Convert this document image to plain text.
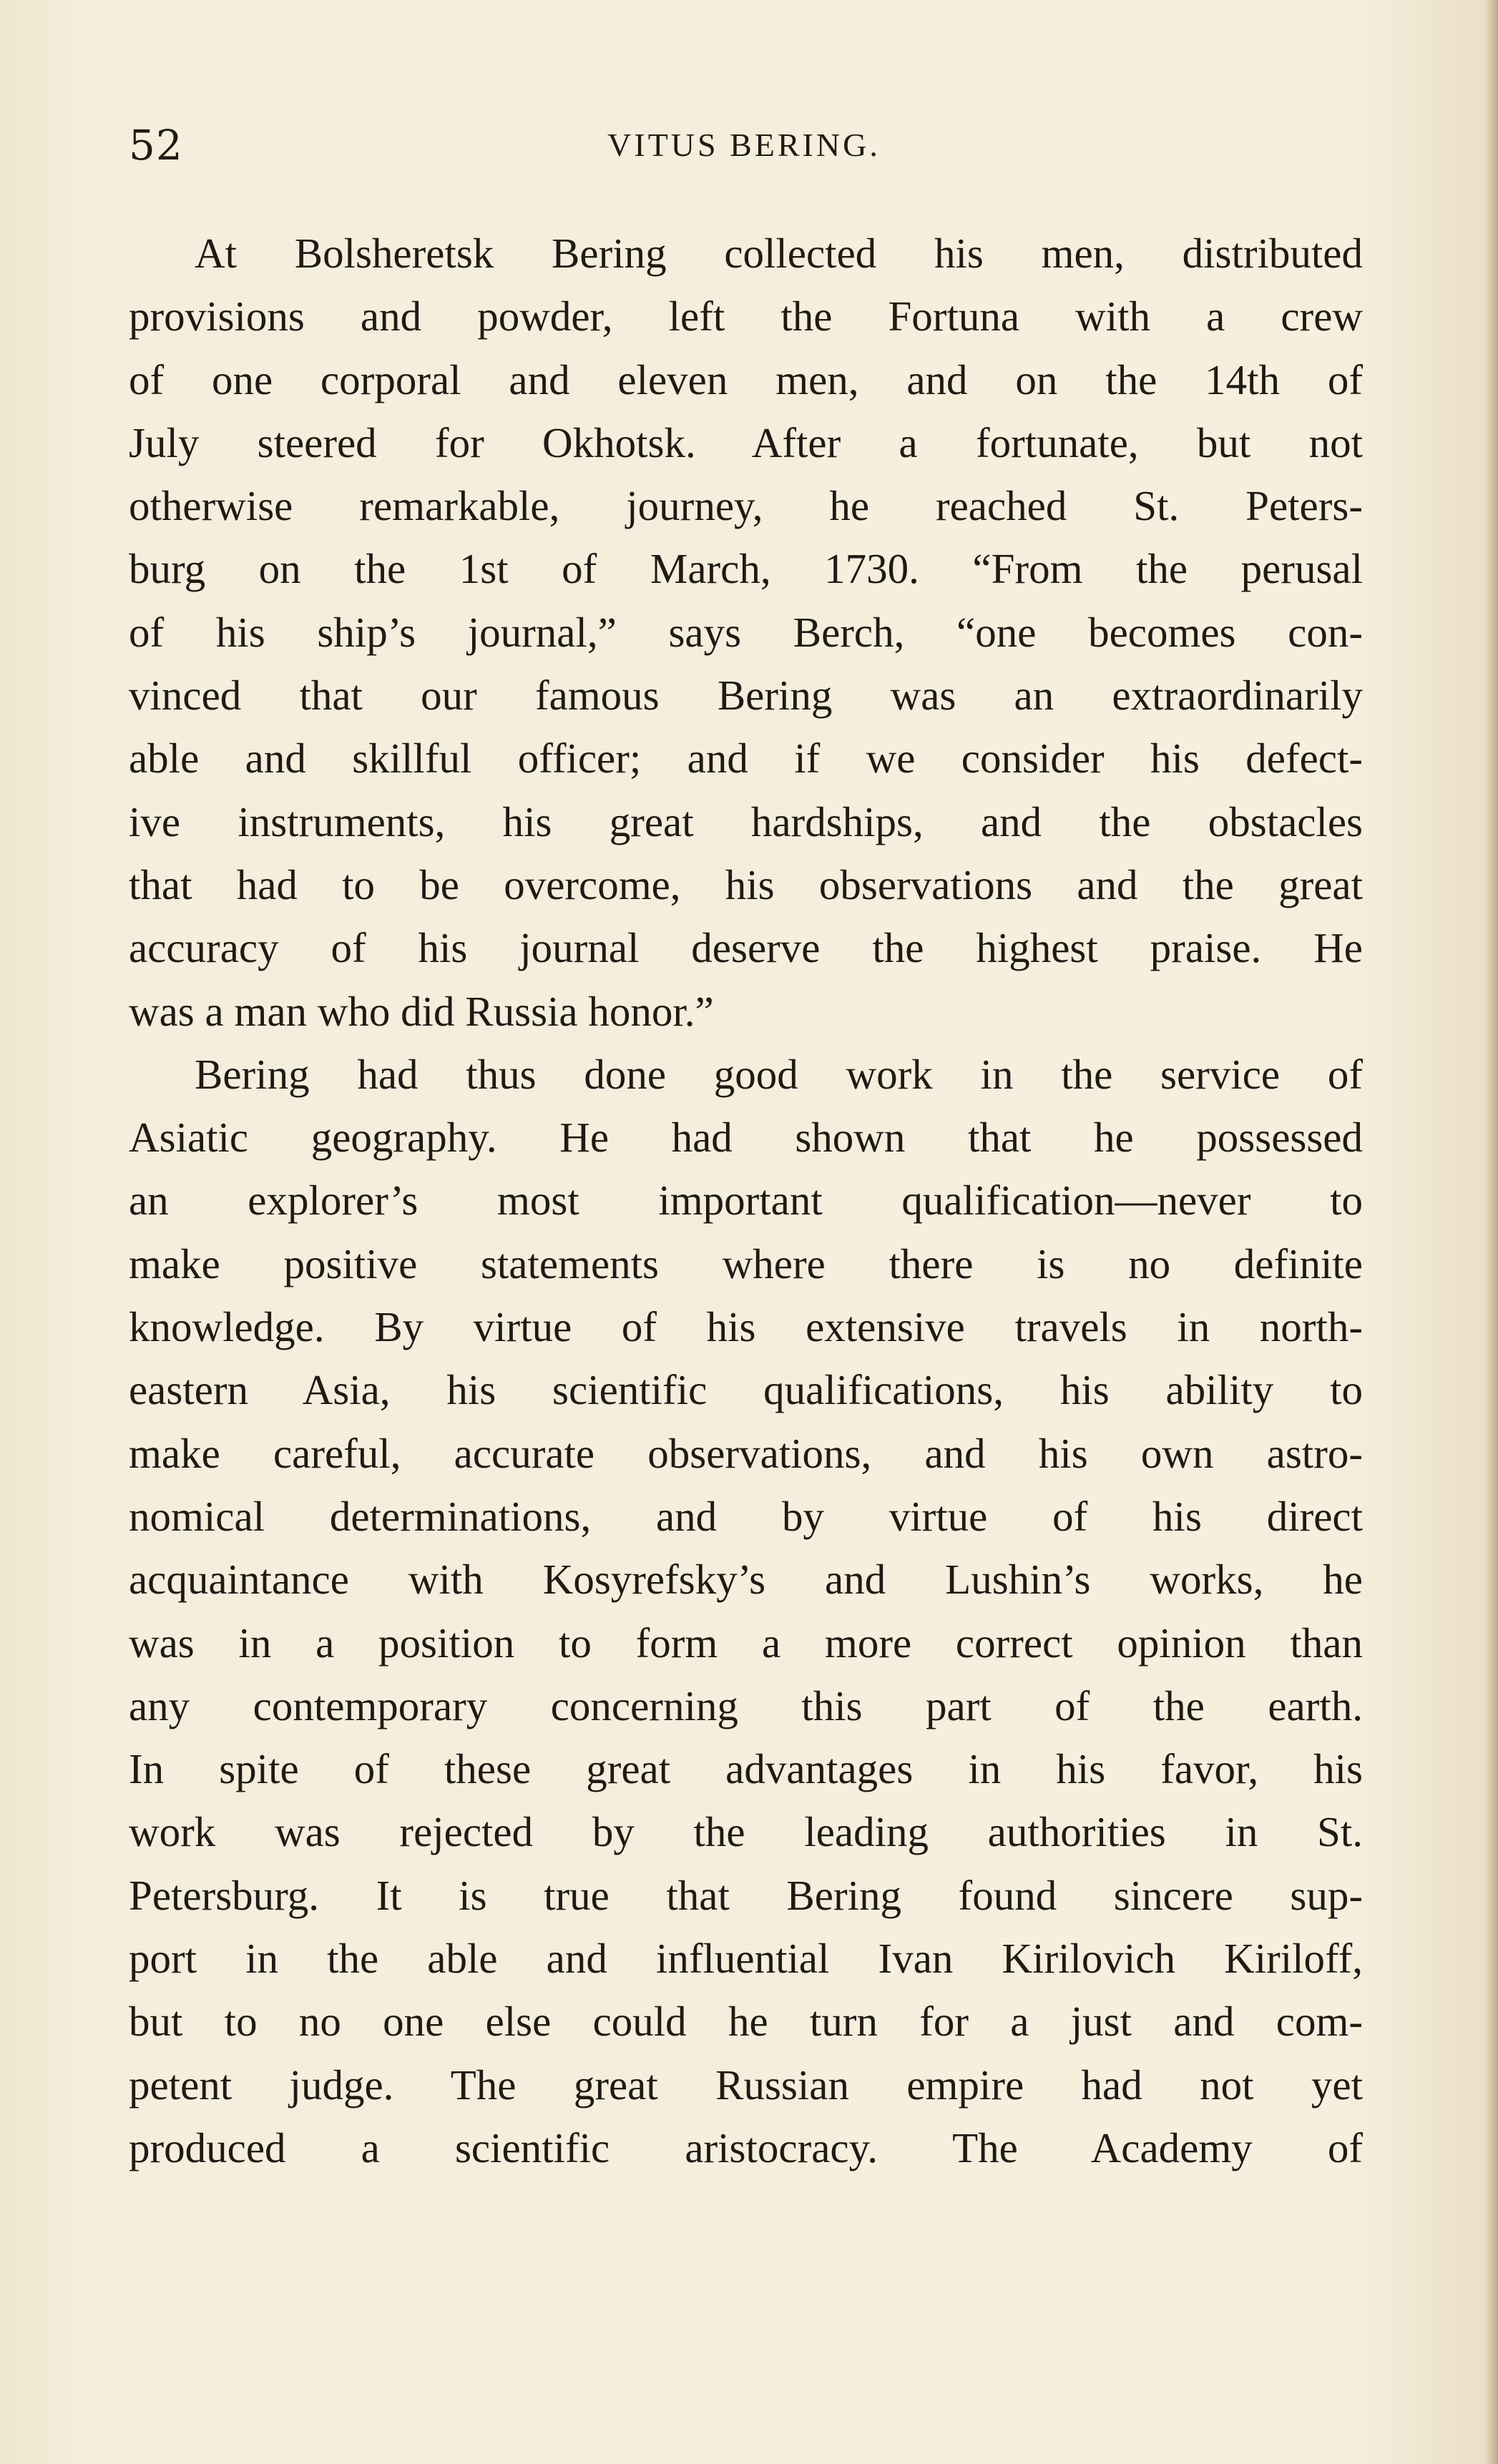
52	VITUS BERING.
At Bolsheretsk Bering collected his men, distributed
provisions and powder, left the Fortuna with a crew
of one corporal and eleven men, and on the 14th of
July steered for Okhotsk. After a fortunate, but not
otherwise remarkable, journey, he reached St. Peters-
burg on the 1st of March, 1730. “From the perusal
of his ship’s journal,” says Berch, “one becomes con-
vinced that our famous Bering was an extraordinarily
able and skillful officer; and if we consider his defect-
ive instruments, his great hardships, and the obstacles
that had to be overcome, his observations and the great
accuracy of his journal deserve the highest praise. He
was a man who did Russia honor.”
Bering had thus done good work in the service of
Asiatic geography. He had shown that he possessed
an explorer’s most important qualification—never to
make positive statements where there is no definite
knowledge. By virtue of his extensive travels in north-
eastern Asia, his scientific qualifications, his ability to
make careful, accurate observations, and his own astro-
nomical determinations, and by virtue of his direct
acquaintance with Kosyrefsky’s and Lushin’s works, he
was in a position to form a more correct opinion than
any contemporary concerning this part of the earth.
In spite of these great advantages in his favor, his
work was rejected by the leading authorities in St.
Petersburg. It is true that Bering found sincere sup-
port in the able and influential Ivan Kirilovich Kiriloff,
but to no one else could he turn for a just and com-
petent judge. The great Russian empire had not yet
produced a scientific aristocracy. The Academy of
